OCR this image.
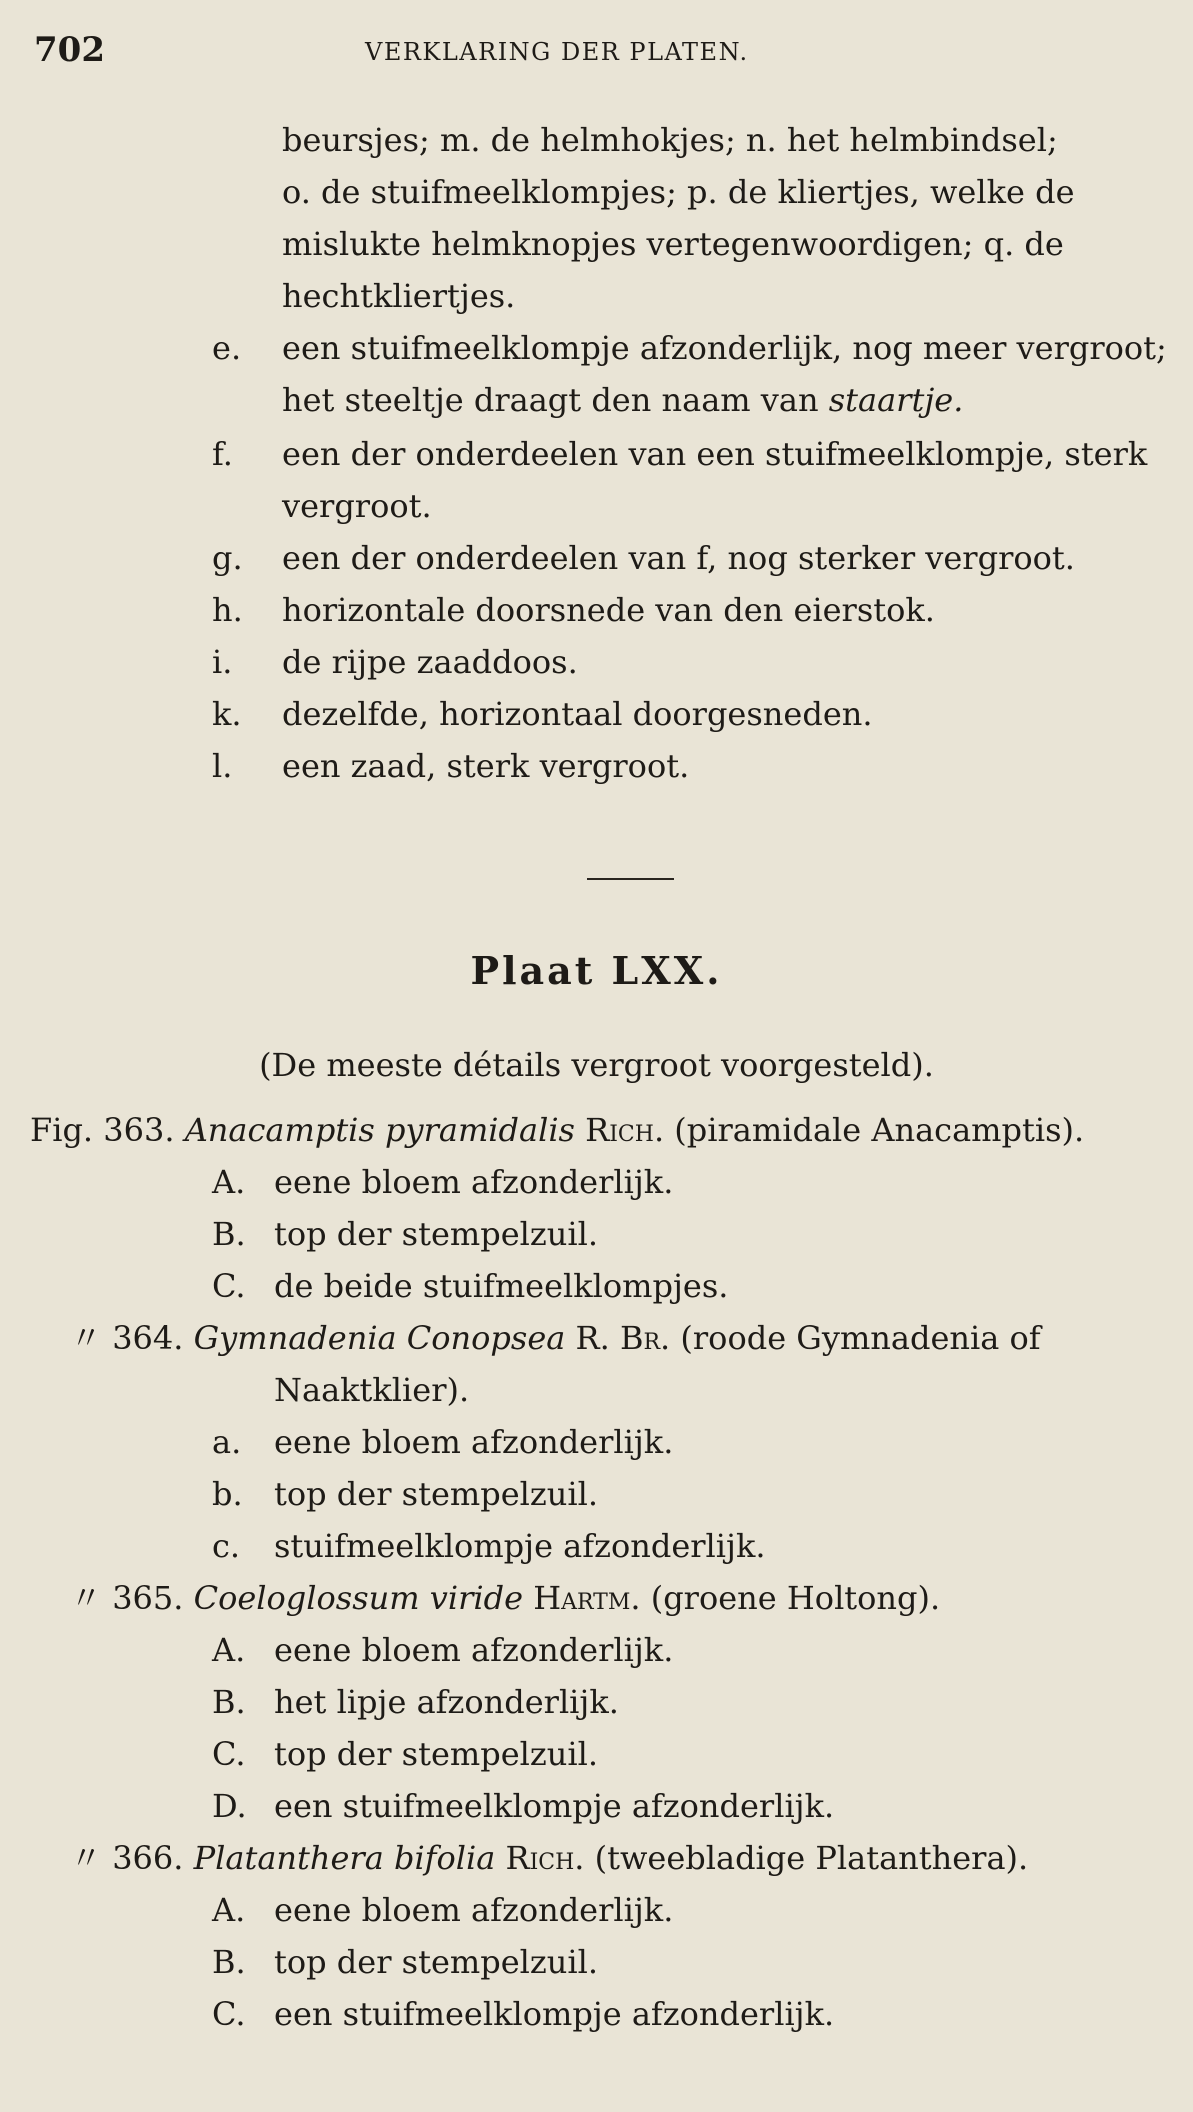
702	VERKLARING DER PLATEN.
beursjes; m. de helmhokjes; n. het helmbindsel;
o. de stuifmeelklompjes; p. de kliertjes, welke de
mislukte helmknopjes vertegenwoordigen; q. de
hechtkliertjes.
e. een stuifmeelklompje afzonderlijk, nog meer vergroot;
het steeltje draagt den naam van staartje.
f. een der onderdeelen van een stuifmeelklompje, sterk
vergroot.
g. een der onderdeelen van f, nog sterker vergroot.
h. horizontale doorsnede van den eierstok.
i. de rijpe zaaddoos.
k. dezelfde, horizontaal doorgesneden.
l. een zaad, sterk vergroot.
Plaat LXX.
(De meeste détails vergroot voorgesteld).
Fig. 363. Anacamptis pyramidalis Rich. (piramidale Anacamptis).
A. eene bloem afzonderlijk.
B. top der stempelzuil.
C. de beide stuifmeelklompjes.
〃 364. Gymnadenia Conopsea R. Br. (roode Gymnadenia of
Naaktklier).
a. eene bloem afzonderlijk.
b. top der stempelzuil.
c. stuifmeelklompje afzonderlijk.
〃 365. Coeloglossum viride Hartm. (groene Holtong).
A. eene bloem afzonderlijk.
B. het lipje afzonderlijk.
C. top der stempelzuil.
D. een stuifmeelklompje afzonderlijk.
〃 366. Platanthera bifolia Rich. (tweebladige Platanthera).
A. eene bloem afzonderlijk.
B. top der stempelzuil.
C. een stuifmeelklompje afzonderlijk.
